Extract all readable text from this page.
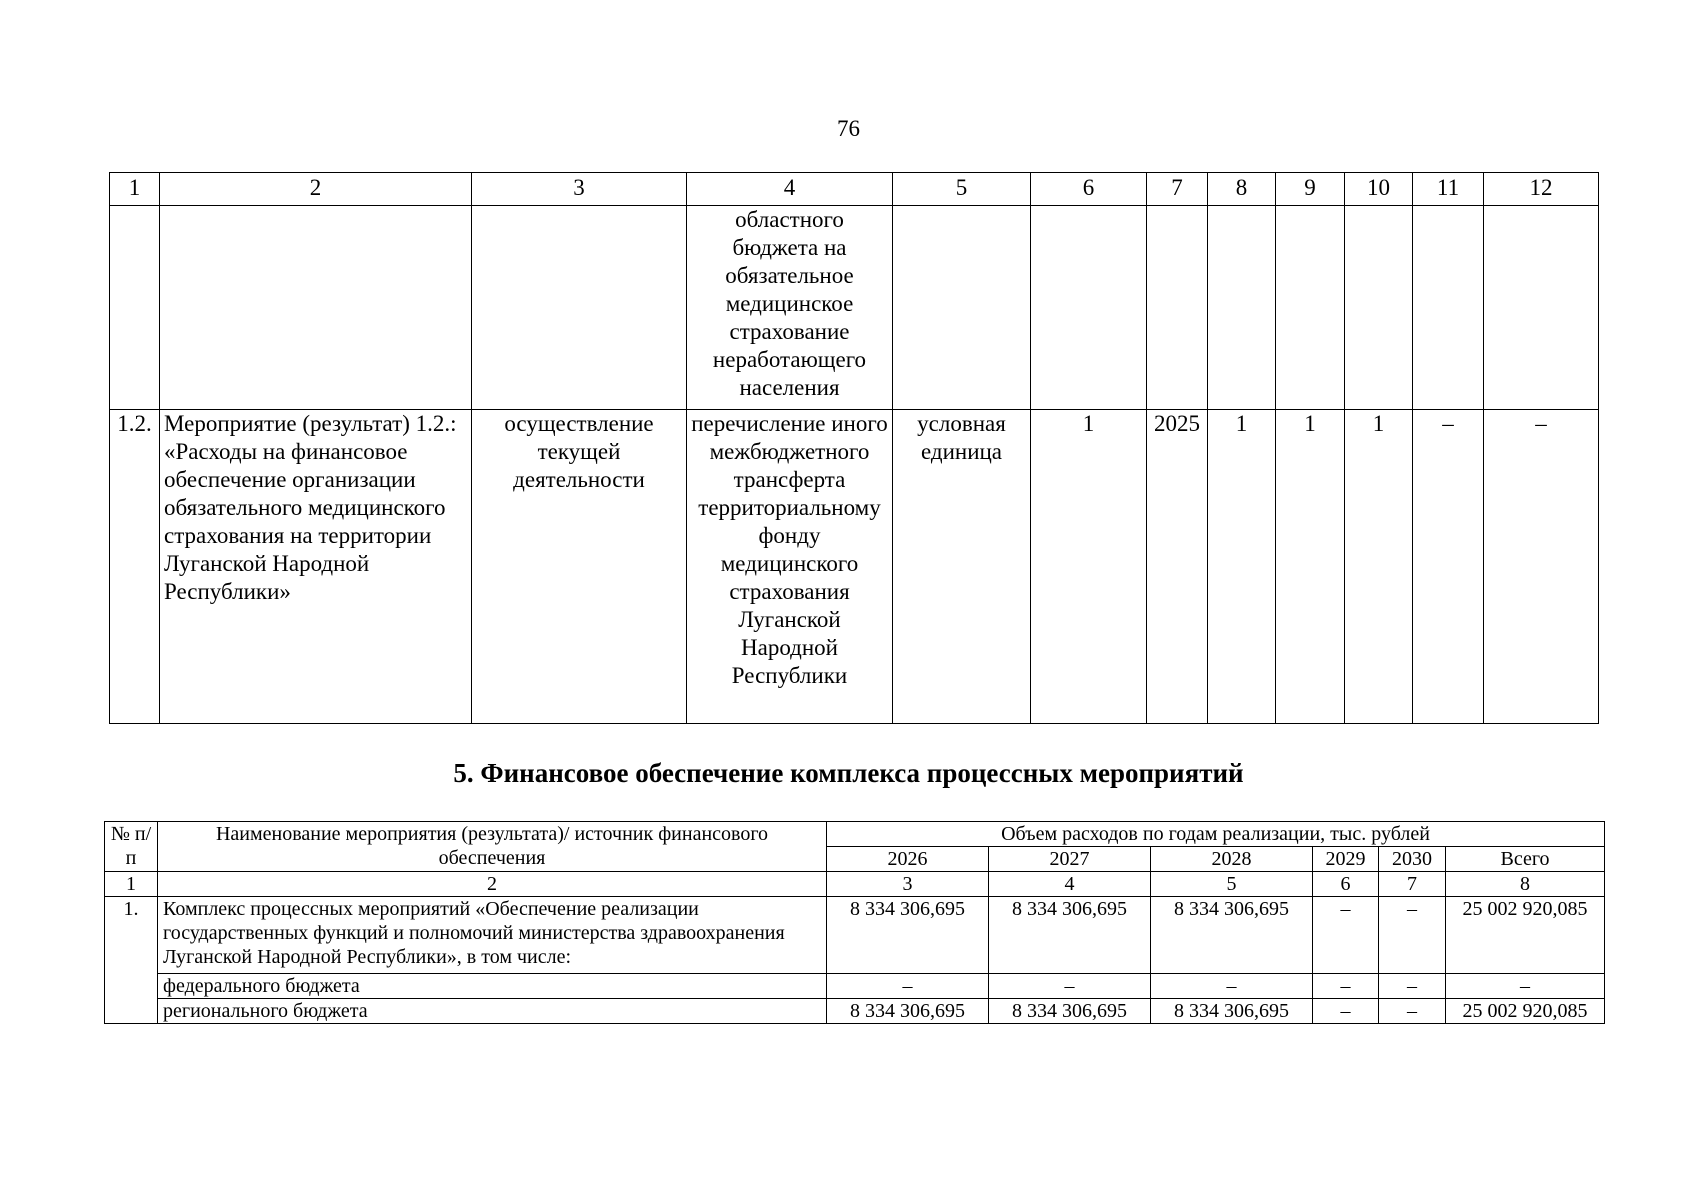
76
1	2	3	4	5	6	7	8	9	10	11	12
			областного бюджета на обязательное медицинское страхование неработающего населения								
1.2.	Мероприятие (результат) 1.2.: «Расходы на финансовое обеспечение организации обязательного медицинского страхования на территории Луганской Народной Республики»	осуществление текущей деятельности	перечисление иного межбюджетного трансферта территориальному фонду медицинского страхования Луганской Народной Республики	условная единица	1	2025	1	1	1	–	–
5. Финансовое обеспечение комплекса процессных мероприятий
№ п/п	Наименование мероприятия (результата)/ источник финансового обеспечения	Объем расходов по годам реализации, тыс. рублей					
		2026	2027	2028	2029	2030	Всего
1	2	3	4	5	6	7	8
1.	Комплекс процессных мероприятий «Обеспечение реализации государственных функций и полномочий министерства здравоохранения Луганской Народной Республики», в том числе:	8 334 306,695	8 334 306,695	8 334 306,695	–	–	25 002 920,085
	федерального бюджета	–	–	–	–	–	–
	регионального бюджета	8 334 306,695	8 334 306,695	8 334 306,695	–	–	25 002 920,085
